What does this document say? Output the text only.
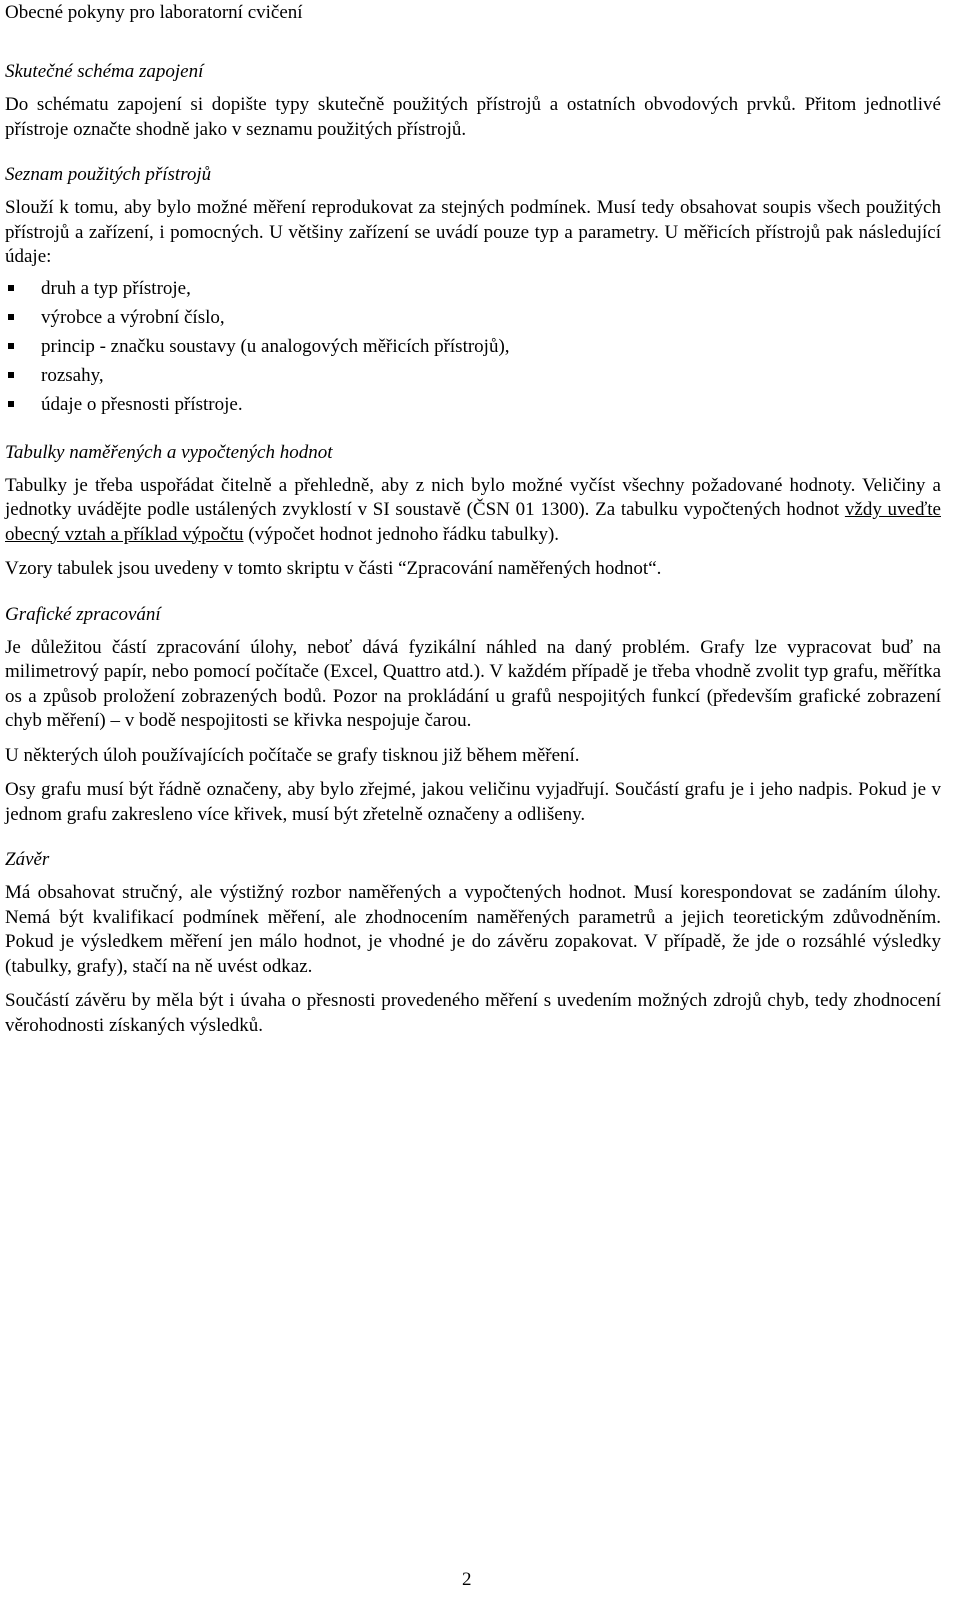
Obecné pokyny pro laboratorní cvičení
Skutečné schéma zapojení

Do schématu zapojení si dopište typy skutečně použitých přístrojů a ostatních obvodových prvků. Přitom jednotlivé přístroje označte shodně jako v seznamu použitých přístrojů.

Seznam použitých přístrojů

Slouží k tomu, aby bylo možné měření reprodukovat za stejných podmínek. Musí tedy obsahovat soupis všech použitých přístrojů a zařízení, i pomocných. U většiny zařízení se uvádí pouze typ a parametry. U měřicích přístrojů pak následující údaje:

druh a typ přístroje,
výrobce a výrobní číslo,
princip - značku soustavy (u analogových měřicích přístrojů),
rozsahy,
údaje o přesnosti přístroje.
Tabulky naměřených a vypočtených hodnot

Tabulky je třeba uspořádat čitelně a přehledně, aby z nich bylo možné vyčíst všechny požadované hodnoty. Veličiny a jednotky uvádějte podle ustálených zvyklostí v SI soustavě (ČSN 01 1300). Za tabulku vypočtených hodnot vždy uveďte obecný vztah a příklad výpočtu (výpočet hodnot jednoho řádku tabulky).

Vzory tabulek jsou uvedeny v tomto skriptu v části “Zpracování naměřených hodnot“.

Grafické zpracování

Je důležitou částí zpracování úlohy, neboť dává fyzikální náhled na daný problém. Grafy lze vypracovat buď na milimetrový papír, nebo pomocí počítače (Excel, Quattro atd.). V každém případě je třeba vhodně zvolit typ grafu, měřítka os a způsob proložení zobrazených bodů. Pozor na prokládání u grafů nespojitých funkcí (především grafické zobrazení chyb měření) – v bodě nespojitosti se křivka nespojuje čarou.

U některých úloh používajících počítače se grafy tisknou již během měření.

Osy grafu musí být řádně označeny, aby bylo zřejmé, jakou veličinu vyjadřují. Součástí grafu je i jeho nadpis. Pokud je v jednom grafu zakresleno více křivek, musí být zřetelně označeny a odlišeny.

Závěr

Má obsahovat stručný, ale výstižný rozbor naměřených a vypočtených hodnot. Musí korespondovat se zadáním úlohy. Nemá být kvalifikací podmínek měření, ale zhodnocením naměřených parametrů a jejich teoretickým zdůvodněním. Pokud je výsledkem měření jen málo hodnot, je vhodné je do závěru zopakovat. V případě, že jde o rozsáhlé výsledky (tabulky, grafy), stačí na ně uvést odkaz.

Součástí závěru by měla být i úvaha o přesnosti provedeného měření s uvedením možných zdrojů chyb, tedy zhodnocení věrohodnosti získaných výsledků.

2
